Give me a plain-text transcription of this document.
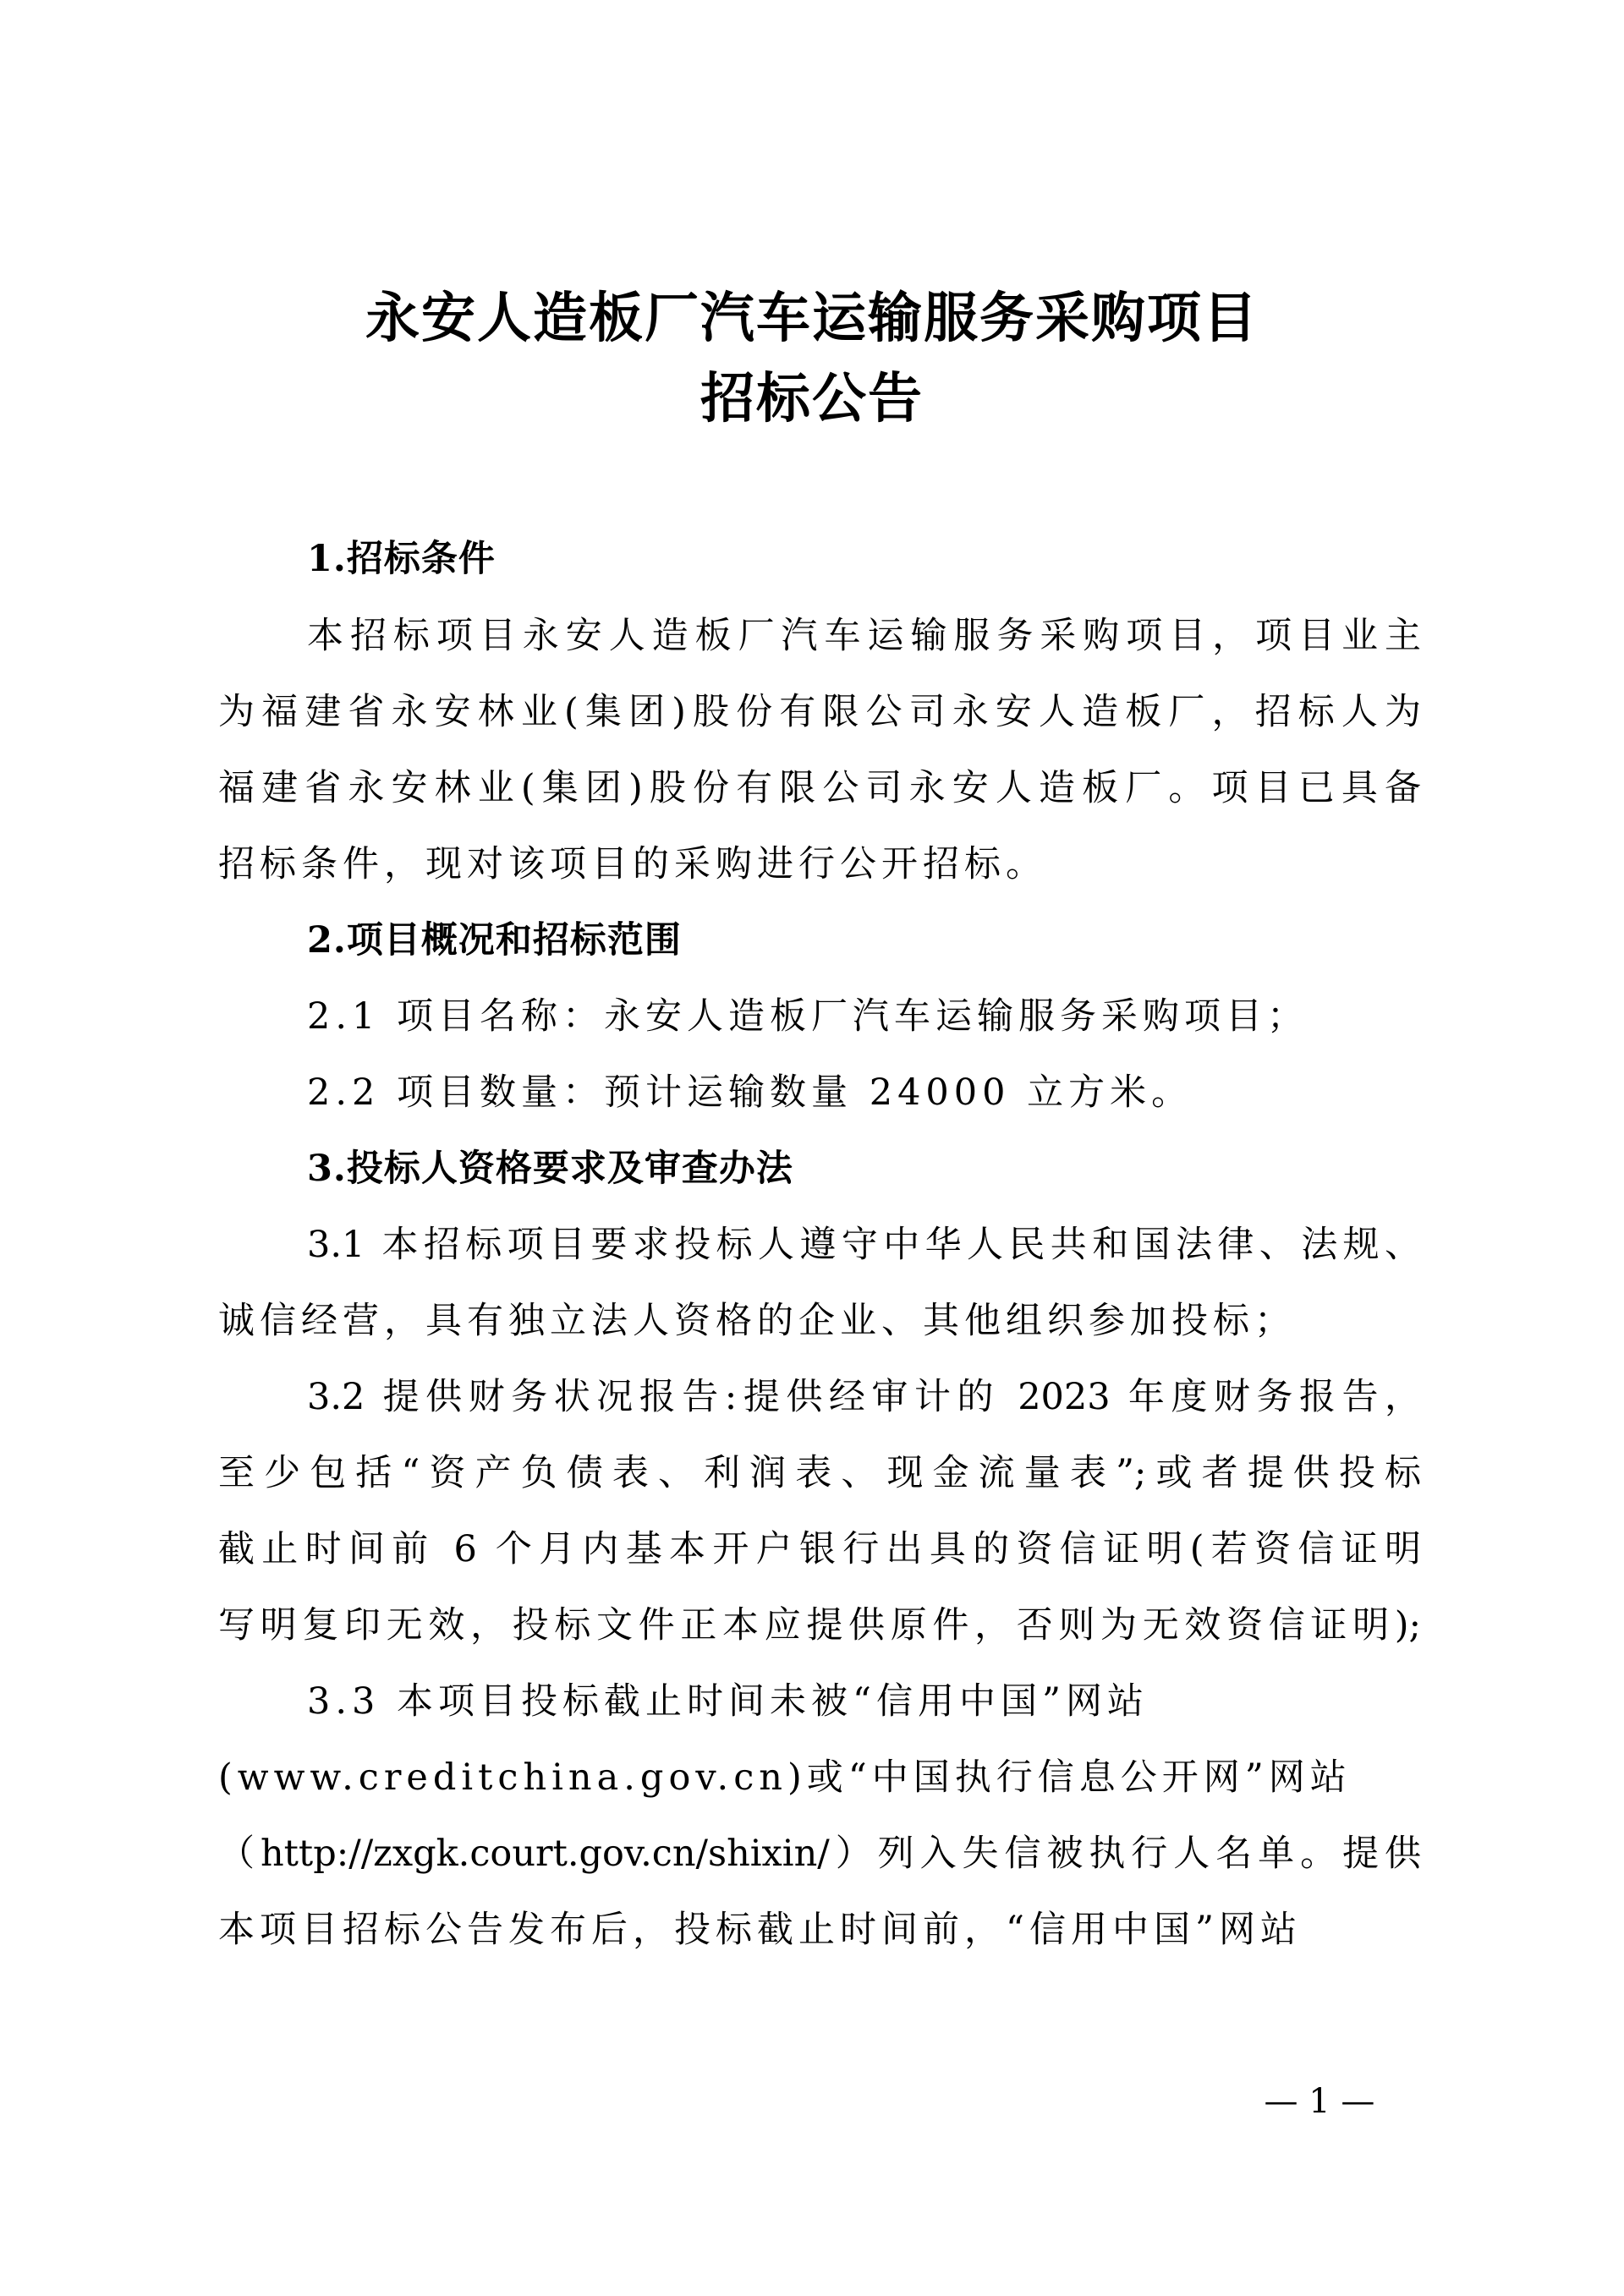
永安人造板厂汽车运输服务采购项目
招标公告
1.招标条件
本招标项目永安人造板厂汽车运输服务采购项目，项目业主
为福建省永安林业(集团)股份有限公司永安人造板厂，招标人为
福建省永安林业(集团)股份有限公司永安人造板厂。项目已具备
招标条件，现对该项目的采购进行公开招标。
2.项目概况和招标范围
2.1 项目名称：永安人造板厂汽车运输服务采购项目；
2.2 项目数量：预计运输数量 24000 立方米。
3.投标人资格要求及审查办法
3.1 本招标项目要求投标人遵守中华人民共和国法律、法规、
诚信经营，具有独立法人资格的企业、其他组织参加投标；
3.2 提供财务状况报告:提供经审计的 2023 年度财务报告，
至少包括“资产负债表、利润表、现金流量表”;或者提供投标
截止时间前 6 个月内基本开户银行出具的资信证明(若资信证明
写明复印无效，投标文件正本应提供原件，否则为无效资信证明);
3.3 本项目投标截止时间未被“信用中国”网站
(www.creditchina.gov.cn)或“中国执行信息公开网”网站
（http://zxgk.court.gov.cn/shixin/）列入失信被执行人名单。提供
本项目招标公告发布后，投标截止时间前，“信用中国”网站
— 1 —
